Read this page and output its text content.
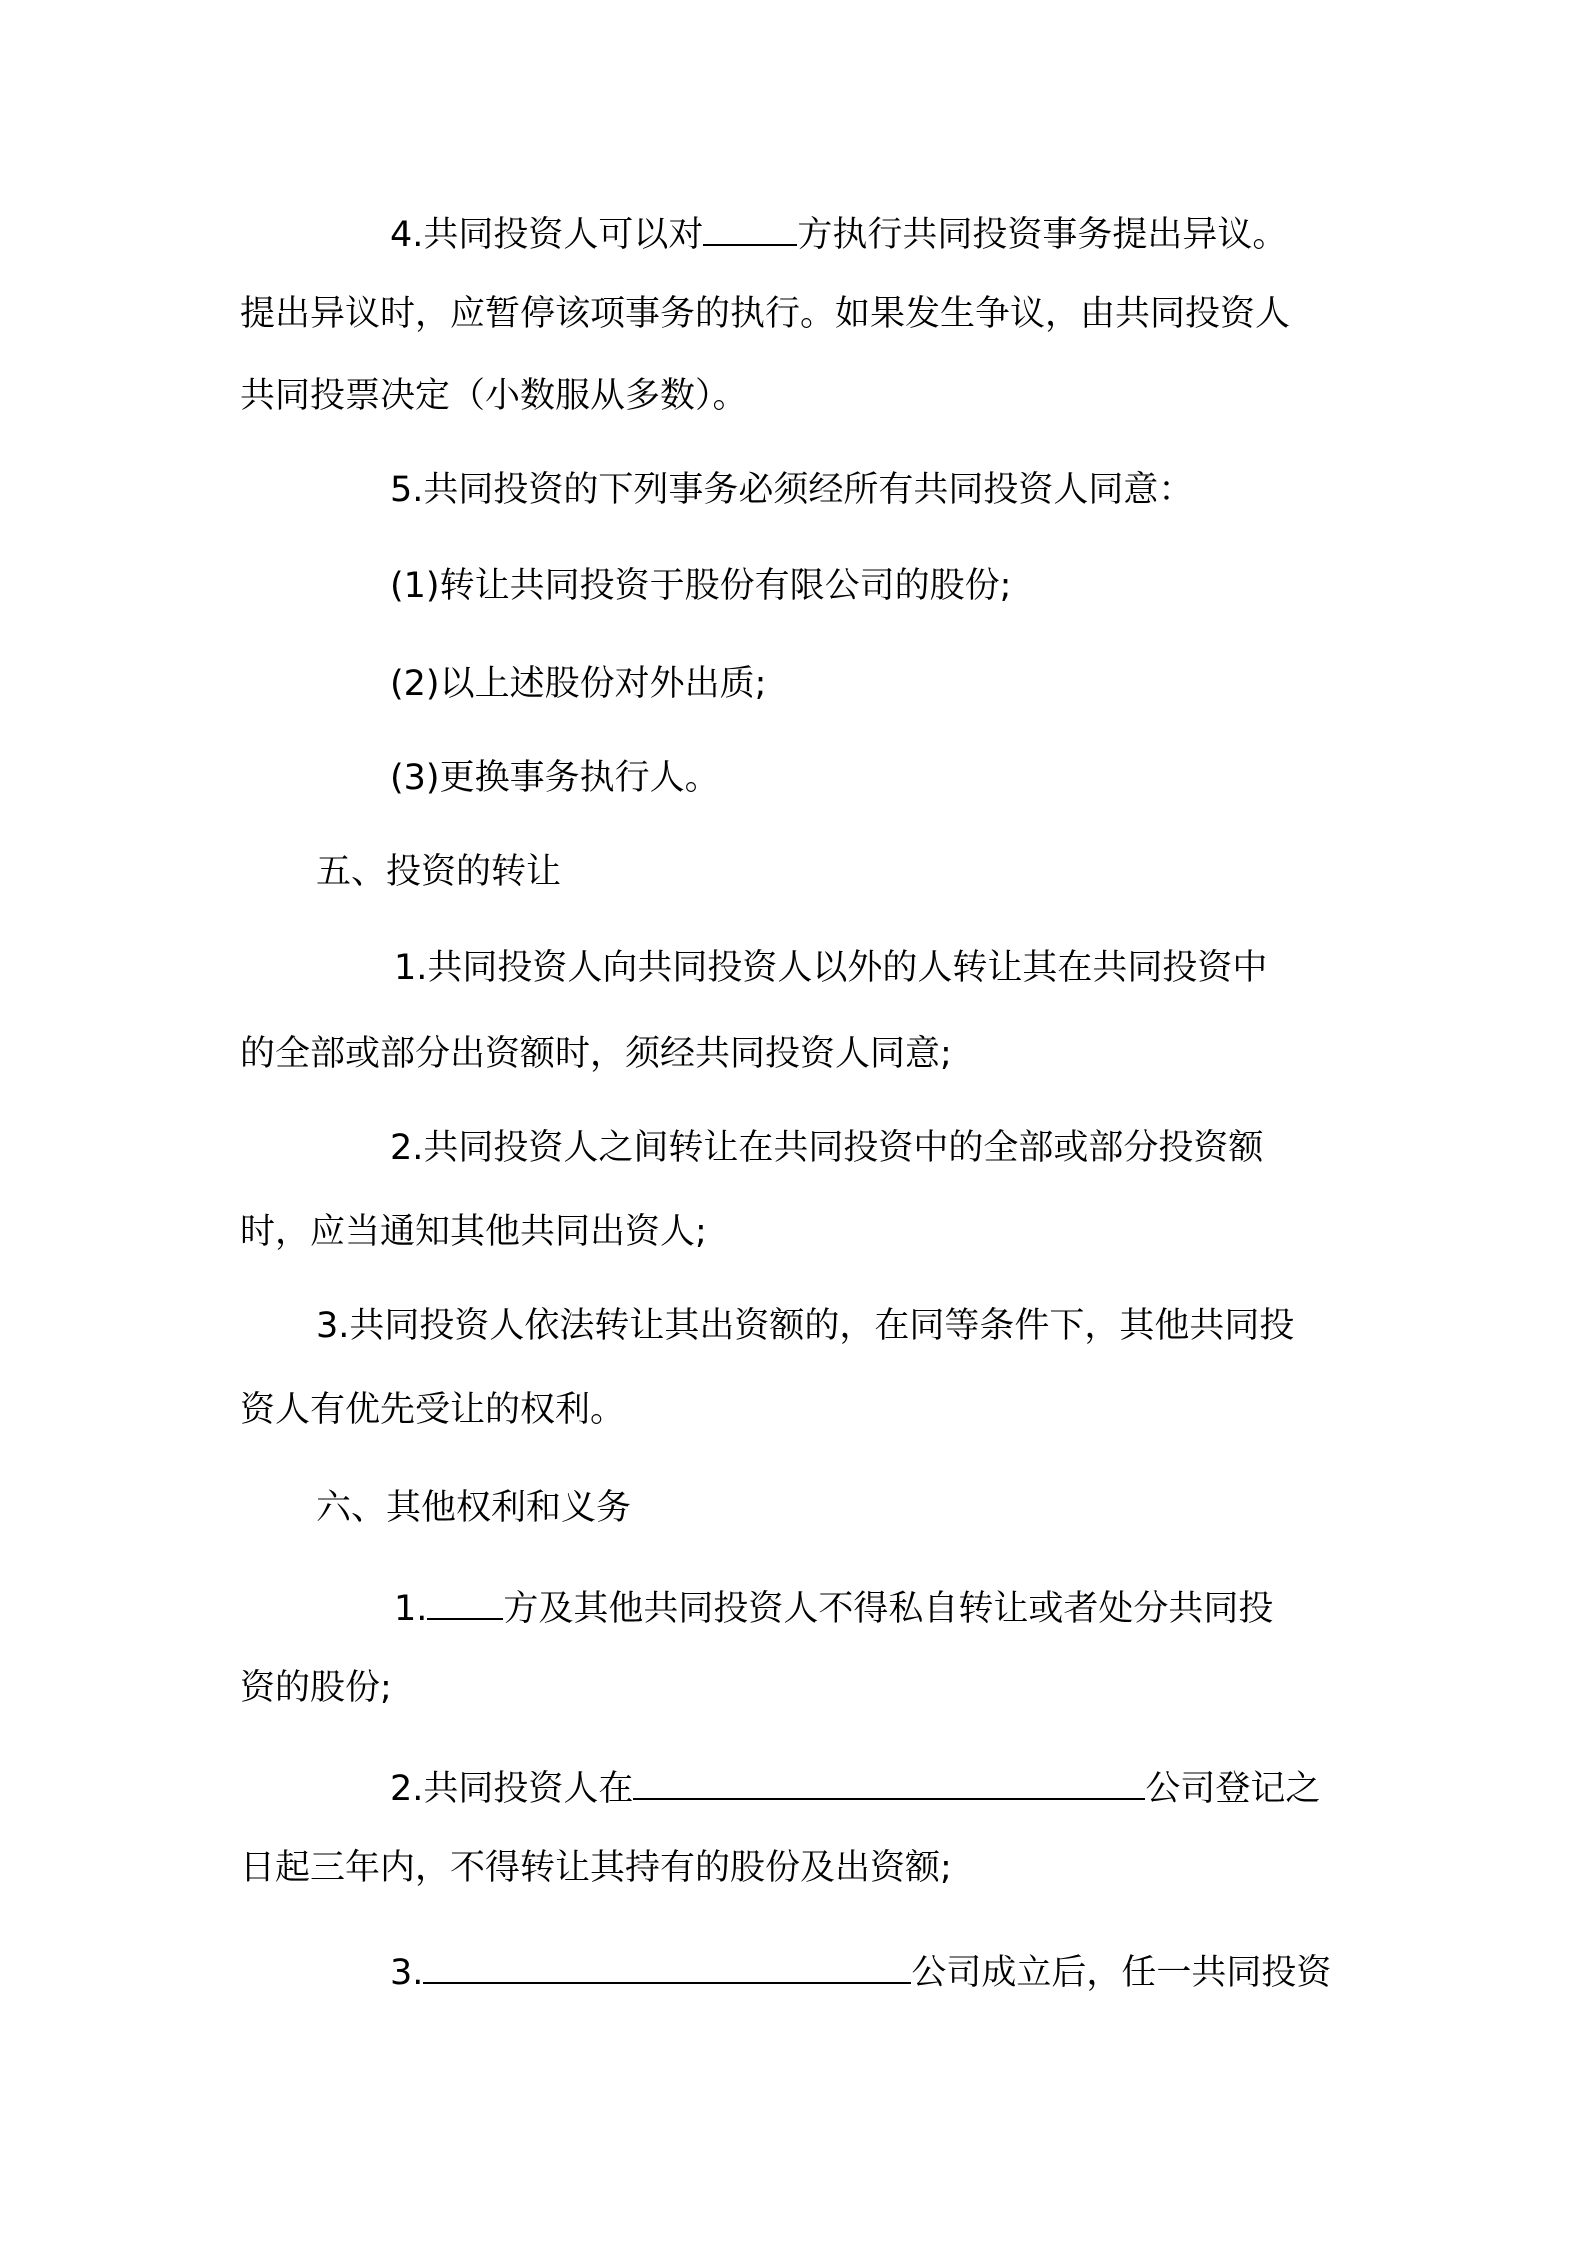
4.共同投资人可以对	方执行共同投资事务提出异议。
提出异议时，应暂停该项事务的执行。如果发生争议，由共同投资人
共同投票决定（小数服从多数）。
5.共同投资的下列事务必须经所有共同投资人同意：
(1)转让共同投资于股份有限公司的股份;
(2)以上述股份对外出质;
(3)更换事务执行人。
五、投资的转让
1.共同投资人向共同投资人以外的人转让其在共同投资中
的全部或部分出资额时，须经共同投资人同意;
2.共同投资人之间转让在共同投资中的全部或部分投资额
时，应当通知其他共同出资人;
3.共同投资人依法转让其出资额的，在同等条件下，其他共同投
资人有优先受让的权利。
六、其他权利和义务
1. 方及其他共同投资人不得私自转让或者处分共同投
资的股份;
2.共同投资人在	公司登记之
日起三年内，不得转让其持有的股份及出资额;
3.	公司成立后，任一共同投资
